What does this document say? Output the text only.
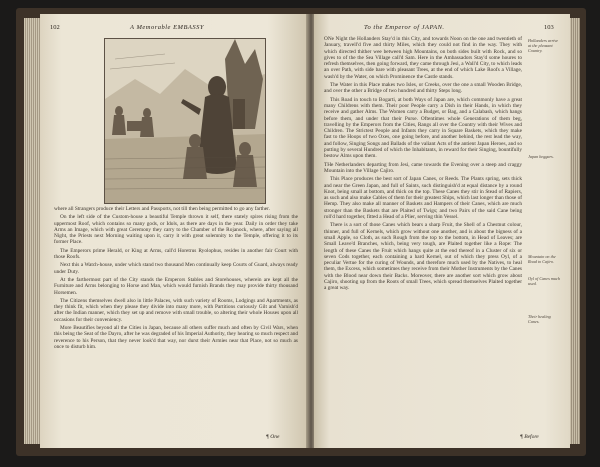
102	A Memorable EMBASSY

where all Strangers produce their Letters and Passports, not till then being permitted to go any farther.

On the left side of the Custom-house a beautiful Temple thrown it self, there stately spires rising from the uppermost Roof, which contains so many gods, or Idols, as there are days in the year. Daily in order they take Arms an Image, which with great Ceremony they carry to the Chamber of the Rojanock, where, after saying all Night, the Priests next Morning waiting upon it, carry it with great solemnity to the Temple, offering it to its former Place.

The Emperors prime Herald, or King at Arms, call'd Horetrus Ryolophus, resides in another fair Court with those Roofs.

Next this a Watch-house, under which stand two thousand Men continually keep Courts of Guard, always ready under Duty.

At the farthermost part of the City stands the Emperors Stables and Storehouses, wherein are kept all the Furniture and Arms belonging to Horse and Man, which would furnish Brands they may provide thirty thousand Horsemen.

The Citizens themselves dwell also in little Palaces, with such variety of Rooms, Lodgings and Apartments, as they think fit, which when they please they divide into many more, with Partitions curiously Gilt and Varnish'd after the Indian manner, which they set up and remove with small trouble, so altering their whole Houses upon all occasions for their conveniency.

More Beautifies beyond all the Cities in Japan, because all others suffer much and often by Civil Wars, when this being the Seat of the Dayro, after he was degraded of his Imperial Authority, they hearing so much respect and reverence to his Person, that they never look'd that way, nor durst their Armies near that Place, not so much as once to disturb him.

¶ One
To the Emperor of JAPAN.	103

ONe Night the Hollanders Stay'd in this City, and towards Noon on the one and twentieth of January, travell'd five and thirty Miles, which they could not find in the way. They with which directed thither wee between high Mountains, on both sides built with Rock, and so gives to of the the Sea Village call'd Sam. Here in the Ambassadors Stay'd some houres to refresh themselves, then going forward, they came through Jesi, a Wall'd City, to which leads an over Path, with side bare with pleasant Trees, at the end of which Lake Roofs a Village, wash'd by the Water, on which Prominence the Castle stands.

The Water in this Place makes two Isles, or Creeks, over the one a small Wooden Bridge, and over the other a Bridge of two hundred and thirty Steps long.

This Road in touch to Bogarti, at both Ways of Japan are, which commonly have a great many Childrens with them. Their poor People carry a Dish in their Hands, in which they receive and gather Alms. The Women carry a Budget, or Bag, and a Calabash, which hangs before them, and under that their Purse. Oftentimes whole Generations of them beg, travelling by the Emperors from the Cities, Rangs all over the Country with their Wives and Children. The Strictest People and Infants they carry in Square Baskets, which they make fast to the Hoops of two Oxes, one going before, and another behind, the rest lead the way, and follow, Singing Songs and Ballads of the valiant Acts of the antient Japan Heroes, and so putting by several Hundred of which the Inhabitants, in reward for their Singing, bountifully bestow Alms upon them.

THe Netherlanders departing from Jesi, came towards the Evening over a steep and craggy Mountain into the Village Cajiro.

This Place produces the best sort of Japan Canes, or Reeds. The Plants spring, sets thick and near the Green Japan, and full of Saints, such distinguish'd at equal distance by a round Knot, being small at bottom, and thick on the top. These Canes they stir in Stead of Rapiers, as such and also make Cables of them for their greatest Ships, which last longer than those of Hemp. They also make all manner of Baskets and Hampers of their Canes, which are much stronger than the Baskets that are Plaited of Twigs; and two Pairs of the said Cane being roll'd hard together, fitted a Head of a Plier, serving thin Vessel.

There is a sort of those Canes which bears a sharp Fruit, the Shell of a Chestnut colour, thinner, and full of Kernels, which grow without one another, and is about the bigness of a small Apple, so Cloth, as such Rough from the top to the bottom, in Head of Leaves; are Small Leave'd Branches, which, being very tough, are Plaited together like a Rope: The length of these Canes the Fruit which hangs quite at the end thereof in a Cluster of six or seven Cods together, each containing a hard Kernel, out of which they press Oyl, of a peculiar Vertue for the curing of Wounds, and therefore much used by the Natives, to heal them, the Excess, which sometimes they receive from their Mother Instruments by the Canes with the Blood near down their Backs. Moreover, there are another sort which grow about Cajiro, shooting up from the Roots of small Trees, which spread themselves Plaited together a great way.

Hollanders arrive at the pleasant Country.
Japan beggars.
Mountain on the Road to Cajiro.
Oyl of Canes much used.
Their healing Canes.
¶ Before
